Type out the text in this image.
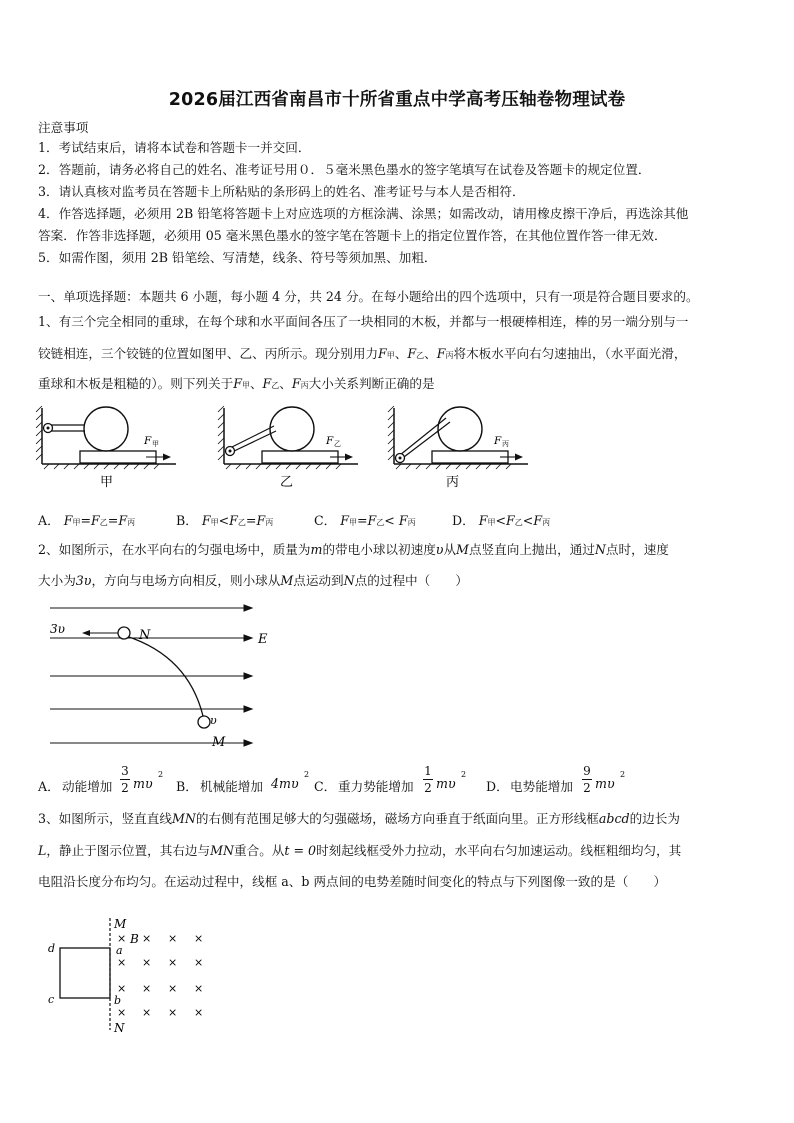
2026届江西省南昌市十所省重点中学高考压轴卷物理试卷
注意事项
1．考试结束后，请将本试卷和答题卡一并交回．
2．答题前，请务必将自己的姓名、准考证号用０．５毫米黑色墨水的签字笔填写在试卷及答题卡的规定位置．
3．请认真核对监考员在答题卡上所粘贴的条形码上的姓名、准考证号与本人是否相符．
4．作答选择题，必须用 2B 铅笔将答题卡上对应选项的方框涂满、涂黑；如需改动，请用橡皮擦干净后，再选涂其他
答案．作答非选择题，必须用 05 毫米黑色墨水的签字笔在答题卡上的指定位置作答，在其他位置作答一律无效．
5．如需作图，须用 2B 铅笔绘、写清楚，线条、符号等须加黑、加粗．
一、单项选择题：本题共 6 小题，每小题 4 分，共 24 分。在每小题给出的四个选项中，只有一项是符合题目要求的。
1、有三个完全相同的重球，在每个球和水平面间各压了一块相同的木板，并都与一根硬棒相连，棒的另一端分别与一
铰链相连，三个铰链的位置如图甲、乙、丙所示。现分别用力F甲、F乙、F丙将木板水平向右匀速抽出，（水平面光滑，
重球和木板是粗糙的）。则下列关于F甲、F乙、F丙大小关系判断正确的是
F 甲
甲
F 乙
乙
F 丙
丙
A． F甲=F乙=F丙	B． F甲<F乙=F丙	C． F甲=F乙< F丙	D． F甲<F乙<F丙
2、如图所示，在水平向右的匀强电场中，质量为m的带电小球以初速度υ从M点竖直向上抛出，通过N点时，速度
大小为3υ，方向与电场方向相反，则小球从M点运动到N点的过程中（　　）
3υ	N	E
υ
M
A． 动能增加
3
2 mυ
2
B． 机械能增加 4mυ
2
C． 重力势能增加
1
2 mυ
2
D． 电势能增加
9
2 mυ
2
3、如图所示，竖直直线MN的右侧有范围足够大的匀强磁场，磁场方向垂直于纸面向里。正方形线框abcd的边长为
L，静止于图示位置，其右边与MN重合。从t = 0时刻起线框受外力拉动，水平向右匀加速运动。线框粗细均匀，其
电阻沿长度分布均匀。在运动过程中，线框 a、b 两点间的电势差随时间变化的特点与下列图像一致的是（　　）
M
N
a
b
d
c
B
× × × ×
× × × ×
× × × ×
× × × ×
